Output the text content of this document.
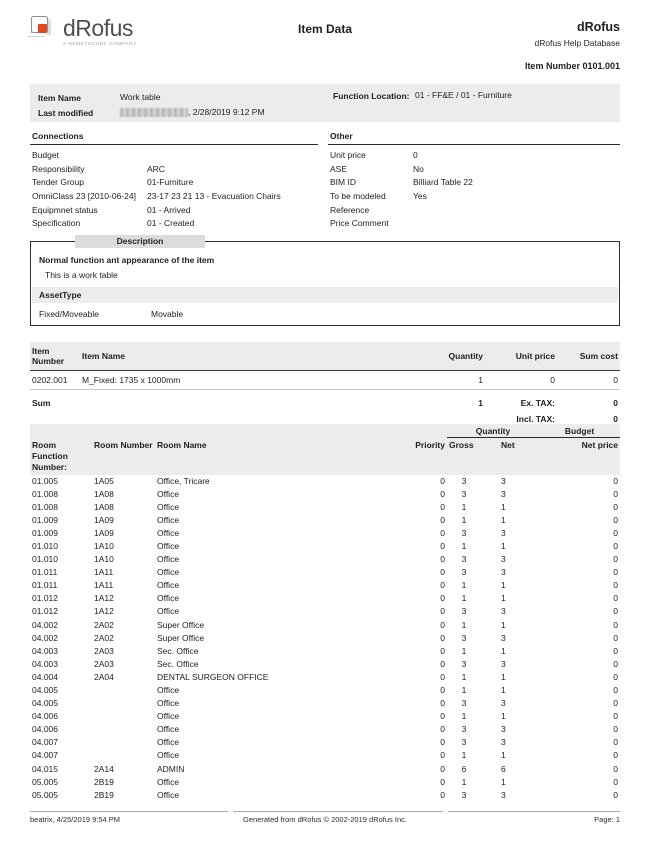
dRofus
A NEMETSCHEK COMPANY
Item Data	dRofus
dRofus Help Database
Item Number 0101.001
Item Name	Work table
Last modified	, 2/28/2019 9:12 PM
Function Location: 01 - FF&E / 01 - Furniture
Connections
Budget
Responsibility	ARC
Tender Group	01-Furniture
OmniClass 23 [2010-06-24]	23-17 23 21 13 - Evacuation Chairs
Equipmnet status	01 - Arrived
Specification	01 - Created
Other
Unit price	0
ASE	No
BIM ID	Billiard Table 22
To be modeled	Yes
Reference
Price Comment
Description
Normal function ant appearance of the item
This is a work table
AssetType
Fixed/Moveable	Movable
Item Number	Item Name	Quantity	Unit price	Sum cost
0202.001	M_Fixed: 1735 x 1000mm	1	0	0
Sum		1	Ex. TAX:	0
			Incl. TAX:	0
				Quantity		Budget
Room Function
Number:	Room Number	Room Name	Priority	Gross	Net	Net price
01.005	1A05	Office, Tricare	0	3	3	0
01.008	1A08	Office	0	3	3	0
01.008	1A08	Office	0	1	1	0
01.009	1A09	Office	0	1	1	0
01.009	1A09	Office	0	3	3	0
01.010	1A10	Office	0	1	1	0
01.010	1A10	Office	0	3	3	0
01.011	1A11	Office	0	3	3	0
01.011	1A11	Office	0	1	1	0
01.012	1A12	Office	0	1	1	0
01.012	1A12	Office	0	3	3	0
04.002	2A02	Super Office	0	1	1	0
04.002	2A02	Super Office	0	3	3	0
04.003	2A03	Sec. Office	0	1	1	0
04.003	2A03	Sec. Office	0	3	3	0
04.004	2A04	DENTAL SURGEON OFFICE	0	1	1	0
04.005		Office	0	1	1	0
04.005		Office	0	3	3	0
04.006		Office	0	1	1	0
04.006		Office	0	3	3	0
04.007		Office	0	3	3	0
04.007		Office	0	1	1	0
04.015	2A14	ADMIN	0	6	6	0
05.005	2B19	Office	0	1	1	0
05.005	2B19	Office	0	3	3	0
beatrix, 4/25/2019 9:54 PM	Generated from dRofus © 2002-2019 dRofus Inc.	Page: 1
